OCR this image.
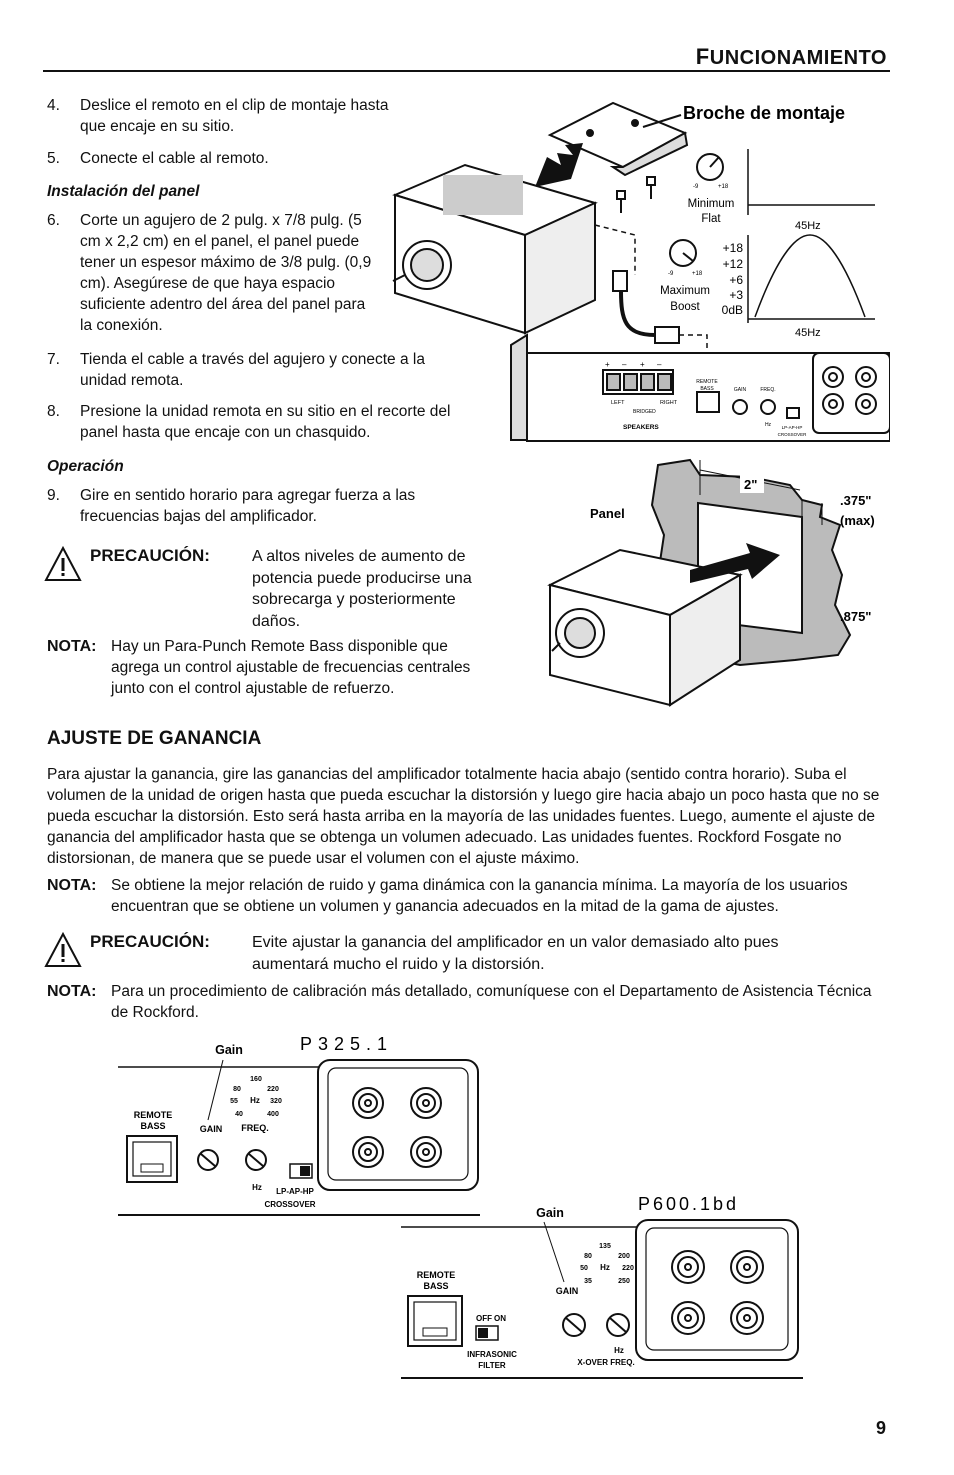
FUNCIONAMIENTO
4. Deslice el remoto en el clip de montaje hasta que encaje en su sitio.
5. Conecte el cable al remoto.
Instalación del panel
6. Corte un agujero de 2 pulg. x 7/8 pulg. (5 cm x 2,2 cm) en el panel, el panel puede tener un espesor máximo de 3/8 pulg. (0,9 cm). Asegúrese de que haya espacio suficiente adentro del área del panel para la conexión.
7. Tienda el cable a través del agujero y conecte a la unidad remota.
8. Presione la unidad remota en su sitio en el recorte del panel hasta que encaje con un chasquido.
Operación
9. Gire en sentido horario para agregar fuerza a las frecuencias bajas del amplificador.
PRECAUCIÓN:	A altos niveles de aumento de potencia puede producirse una sobrecarga y posteriormente daños.
NOTA: Hay un Para-Punch Remote Bass disponible que agrega un control ajustable de frecuencias centrales junto con el control ajustable de refuerzo.
Broche de montaje
-9	+18
Minimum
Flat
-9	+18
Maximum
Boost
+18
+12
+6
+3
0dB
45Hz
45Hz
+ – + –
LEFT	RIGHT
BRIDGED
SPEAKERS
REMOTE
BASS	GAIN	FREQ.
Hz LP-AP-HP
CROSSOVER
2"
.375"
(max)
.875"
Panel
AJUSTE DE GANANCIA
Para ajustar la ganancia, gire las ganancias del amplificador totalmente hacia abajo (sentido contra horario). Suba el volumen de la unidad de origen hasta que pueda escuchar la distorsión y luego gire hacia abajo un poco hasta que no se pueda escuchar la distorsión. Esto será hasta arriba en la mayoría de las unidades fuentes. Luego, aumente el ajuste de ganancia del amplificador hasta que se obtenga un volumen adecuado. Las unidades fuentes. Rockford Fosgate no distorsionan, de manera que se puede usar el volumen con el ajuste máximo.
NOTA: Se obtiene la mejor relación de ruido y gama dinámica con la ganancia mínima. La mayoría de los usuarios encuentran que se obtiene un volumen y ganancia adecuados en la mitad de la gama de ajustes.
PRECAUCIÓN:	Evite ajustar la ganancia del amplificador en un valor demasiado alto pues aumentará mucho el ruido y la distorsión.
NOTA: Para un procedimiento de calibración más detallado, comuníquese con el Departamento de Asistencia Técnica de Rockford.
P325.1
Gain
REMOTE
BASS	GAIN FREQ.
160
80	220
55 Hz 320
40	400
Hz LP-AP-HP
CROSSOVER	P600.1bd
Gain
REMOTE
BASS
OFF ON
INFRASONIC
FILTER
GAIN
135
80	200
50 Hz 220
35	250
Hz
X-OVER FREQ.
9
